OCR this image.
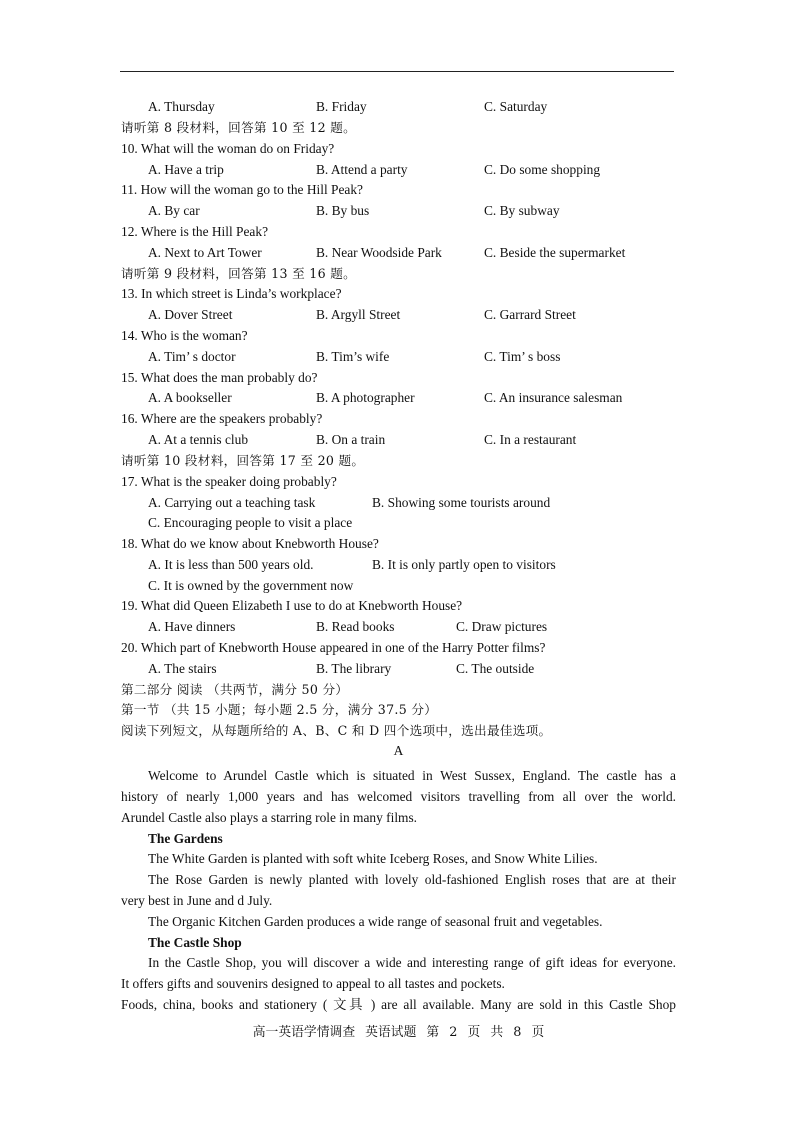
A. Thursday	B. Friday	C. Saturday
请听第 8 段材料，回答第 10 至 12 题。
10. What will the woman do on Friday?
A. Have a trip	B. Attend a party	C. Do some shopping
11. How will the woman go to the Hill Peak?
A. By car	B. By bus	C. By subway
12. Where is the Hill Peak?
A. Next to Art Tower	B. Near Woodside Park	C. Beside the supermarket
请听第 9 段材料，回答第 13 至 16 题。
13. In which street is Linda’s workplace?
A. Dover Street	B. Argyll Street	C. Garrard Street
14. Who is the woman?
A. Tim’ s doctor	B. Tim’s wife	C. Tim’ s boss
15. What does the man probably do?
A. A bookseller	B. A photographer	C. An insurance salesman
16. Where are the speakers probably?
A. At a tennis club	B. On a train	C. In a restaurant
请听第 10 段材料，回答第 17 至 20 题。
17. What is the speaker doing probably?
A. Carrying out a teaching task	B. Showing some tourists around
C. Encouraging people to visit a place
18. What do we know about Knebworth House?
A. It is less than 500 years old.	B. It is only partly open to visitors
C. It is owned by the government now
19. What did Queen Elizabeth I use to do at Knebworth House?
A. Have dinners	B. Read books	C. Draw pictures
20. Which part of Knebworth House appeared in one of the Harry Potter films?
A. The stairs	B. The library	C. The outside
第二部分 阅读 （共两节，满分 50 分）
第一节 （共 15 小题；每小题 2.5 分，满分 37.5 分）
阅读下列短文，从每题所给的 A、B、C 和 D 四个选项中，选出最佳选项。
A
Welcome to Arundel Castle which is situated in West Sussex, England. The castle has a
history of nearly 1,000 years and has welcomed visitors travelling from all over the world.
Arundel Castle also plays a starring role in many films.
The Gardens
The White Garden is planted with soft white Iceberg Roses, and Snow White Lilies.
The Rose Garden is newly planted with lovely old-fashioned English roses that are at their
very best in June and d July.
The Organic Kitchen Garden produces a wide range of seasonal fruit and vegetables.
The Castle Shop
In the Castle Shop, you will discover a wide and interesting range of gift ideas for everyone.
It offers gifts and souvenirs designed to appeal to all tastes and pockets.
Foods, china, books and stationery ( 文具 ) are all available. Many are sold in this Castle Shop
高一英语学情调查 英语试题 第 2 页 共 8 页
